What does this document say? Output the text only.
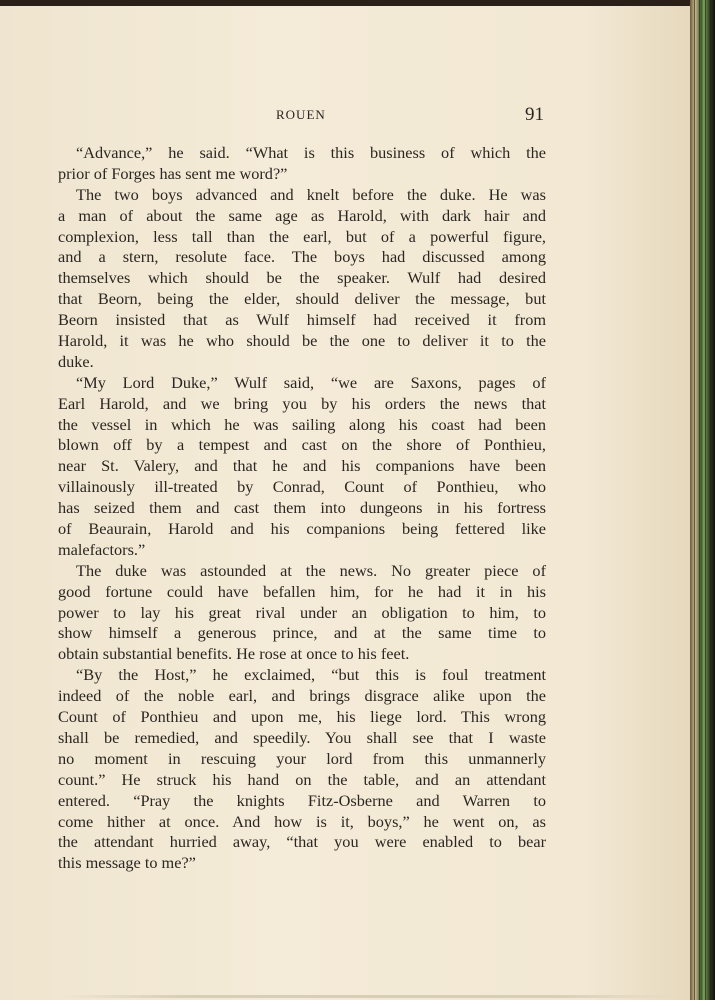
ROUEN	91
“Advance,” he said. “What is this business of which the
prior of Forges has sent me word?”
The two boys advanced and knelt before the duke. He was
a man of about the same age as Harold, with dark hair and
complexion, less tall than the earl, but of a powerful figure,
and a stern, resolute face. The boys had discussed among
themselves which should be the speaker. Wulf had desired
that Beorn, being the elder, should deliver the message, but
Beorn insisted that as Wulf himself had received it from
Harold, it was he who should be the one to deliver it to the
duke.
“My Lord Duke,” Wulf said, “we are Saxons, pages of
Earl Harold, and we bring you by his orders the news that
the vessel in which he was sailing along his coast had been
blown off by a tempest and cast on the shore of Ponthieu,
near St. Valery, and that he and his companions have been
villainously ill-treated by Conrad, Count of Ponthieu, who
has seized them and cast them into dungeons in his fortress
of Beaurain, Harold and his companions being fettered like
malefactors.”
The duke was astounded at the news. No greater piece of
good fortune could have befallen him, for he had it in his
power to lay his great rival under an obligation to him, to
show himself a generous prince, and at the same time to
obtain substantial benefits. He rose at once to his feet.
“By the Host,” he exclaimed, “but this is foul treatment
indeed of the noble earl, and brings disgrace alike upon the
Count of Ponthieu and upon me, his liege lord. This wrong
shall be remedied, and speedily. You shall see that I waste
no moment in rescuing your lord from this unmannerly
count.” He struck his hand on the table, and an attendant
entered. “Pray the knights Fitz-Osberne and Warren to
come hither at once. And how is it, boys,” he went on, as
the attendant hurried away, “that you were enabled to bear
this message to me?”
